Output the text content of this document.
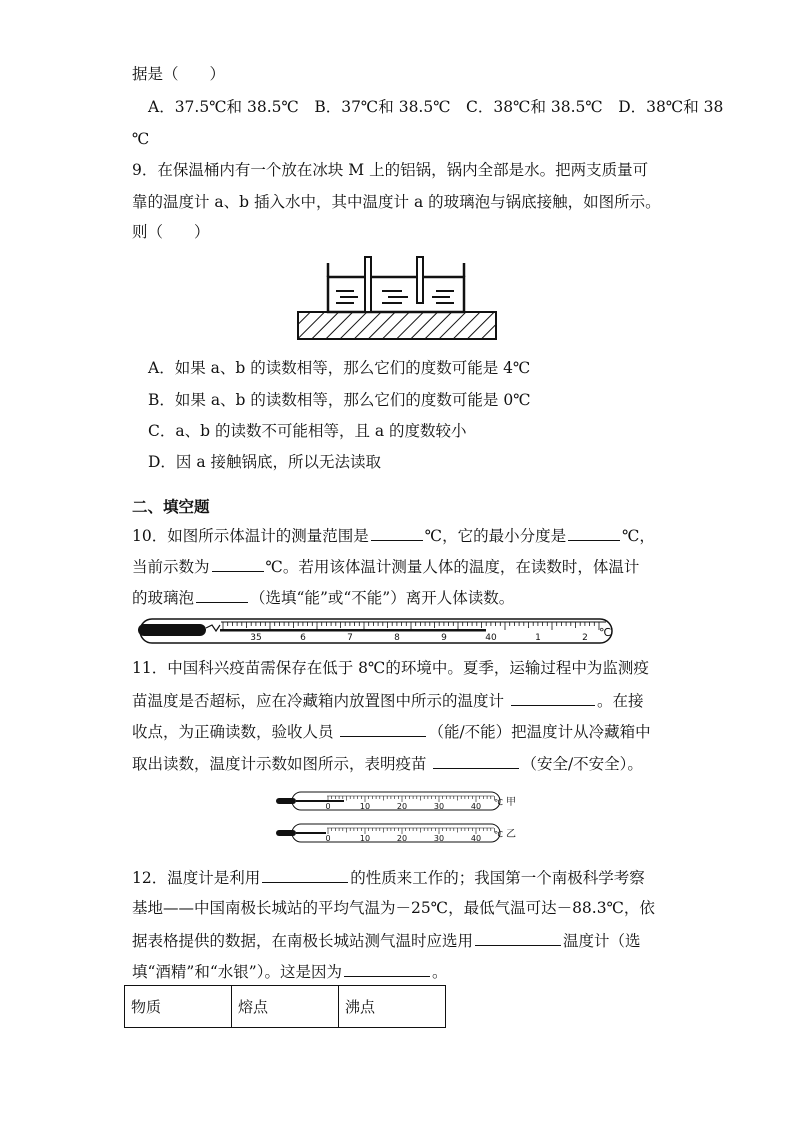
据是（　　）
A．37.5℃和 38.5℃　B．37℃和 38.5℃　C．38℃和 38.5℃　D．38℃和 38
℃
9．在保温桶内有一个放在冰块 M 上的铝锅，锅内全部是水。把两支质量可
靠的温度计 a、b 插入水中，其中温度计 a 的玻璃泡与锅底接触，如图所示。
则（　　）
A．如果 a、b 的读数相等，那么它们的度数可能是 4℃
B．如果 a、b 的读数相等，那么它们的度数可能是 0℃
C．a、b 的读数不可能相等，且 a 的度数较小
D．因 a 接触锅底，所以无法读取
二、填空题
10．如图所示体温计的测量范围是	℃，它的最小分度是	℃，
当前示数为	℃。若用该体温计测量人体的温度，在读数时，体温计
的玻璃泡	（选填“能”或“不能”）离开人体读数。
35	6	7	8	9	40	1	2 ℃
11．中国科兴疫苗需保存在低于 8℃的环境中。夏季，运输过程中为监测疫
苗温度是否超标，应在冷藏箱内放置图中所示的温度计	。在接
收点，为正确读数，验收人员	（能/不能）把温度计从冷藏箱中
取出读数，温度计示数如图所示，表明疫苗	（安全/不安全）。
0	10	20	30	40 ℃ 甲
0	10	20	30	40 ℃ 乙
12．温度计是利用	的性质来工作的；我国第一个南极科学考察
基地——中国南极长城站的平均气温为－25℃，最低气温可达－88.3℃，依
据表格提供的数据，在南极长城站测气温时应选用	温度计（选
填“酒精”和“水银”）。这是因为	。
物质	熔点	沸点
